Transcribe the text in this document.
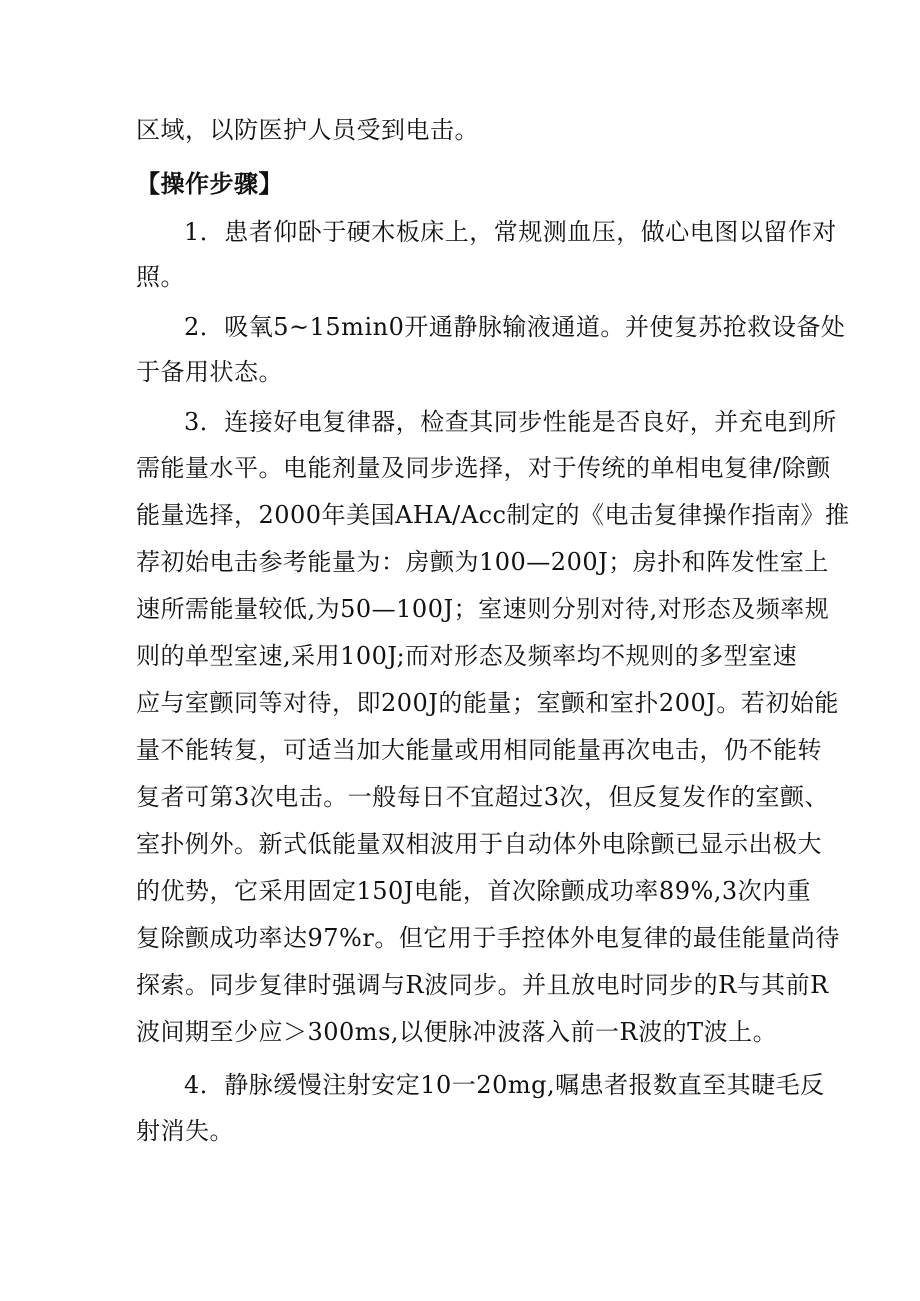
区域，以防医护人员受到电击。
【操作步骤】
1．患者仰卧于硬木板床上，常规测血压，做心电图以留作对
照。
2．吸氧5~15min0开通静脉输液通道。并使复苏抢救设备处
于备用状态。
3．连接好电复律器，检查其同步性能是否良好，并充电到所
需能量水平。电能剂量及同步选择，对于传统的单相电复律/除颤
能量选择，2000年美国AHA/Acc制定的《电击复律操作指南》推
荐初始电击参考能量为：房颤为100—200J；房扑和阵发性室上
速所需能量较低,为50—100J；室速则分别对待,对形态及频率规
则的单型室速,采用100J;而对形态及频率均不规则的多型室速
应与室颤同等对待，即200J的能量；室颤和室扑200J。若初始能
量不能转复，可适当加大能量或用相同能量再次电击，仍不能转
复者可第3次电击。一般每日不宜超过3次，但反复发作的室颤、
室扑例外。新式低能量双相波用于自动体外电除颤已显示出极大
的优势，它采用固定150J电能，首次除颤成功率89%,3次内重
复除颤成功率达97%r。但它用于手控体外电复律的最佳能量尚待
探索。同步复律时强调与R波同步。并且放电时同步的R与其前R
波间期至少应＞300ms,以便脉冲波落入前一R波的T波上。
4．静脉缓慢注射安定10一20mg,嘱患者报数直至其睫毛反
射消失。
